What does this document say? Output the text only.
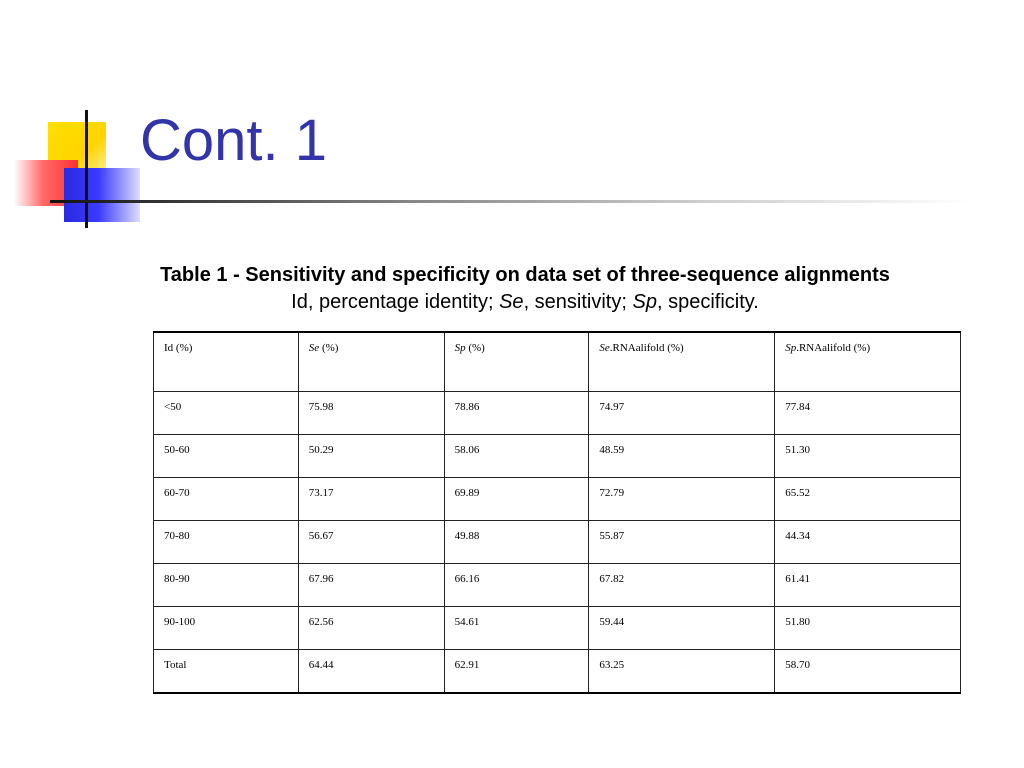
Cont. 1
Table 1 - Sensitivity and specificity on data set of three-sequence alignments
Id, percentage identity; Se, sensitivity; Sp, specificity.
Id (%)	Se (%)	Sp (%)	Se.RNAalifold (%)	Sp.RNAalifold (%)
<50	75.98	78.86	74.97	77.84
50-60	50.29	58.06	48.59	51.30
60-70	73.17	69.89	72.79	65.52
70-80	56.67	49.88	55.87	44.34
80-90	67.96	66.16	67.82	61.41
90-100	62.56	54.61	59.44	51.80
Total	64.44	62.91	63.25	58.70
